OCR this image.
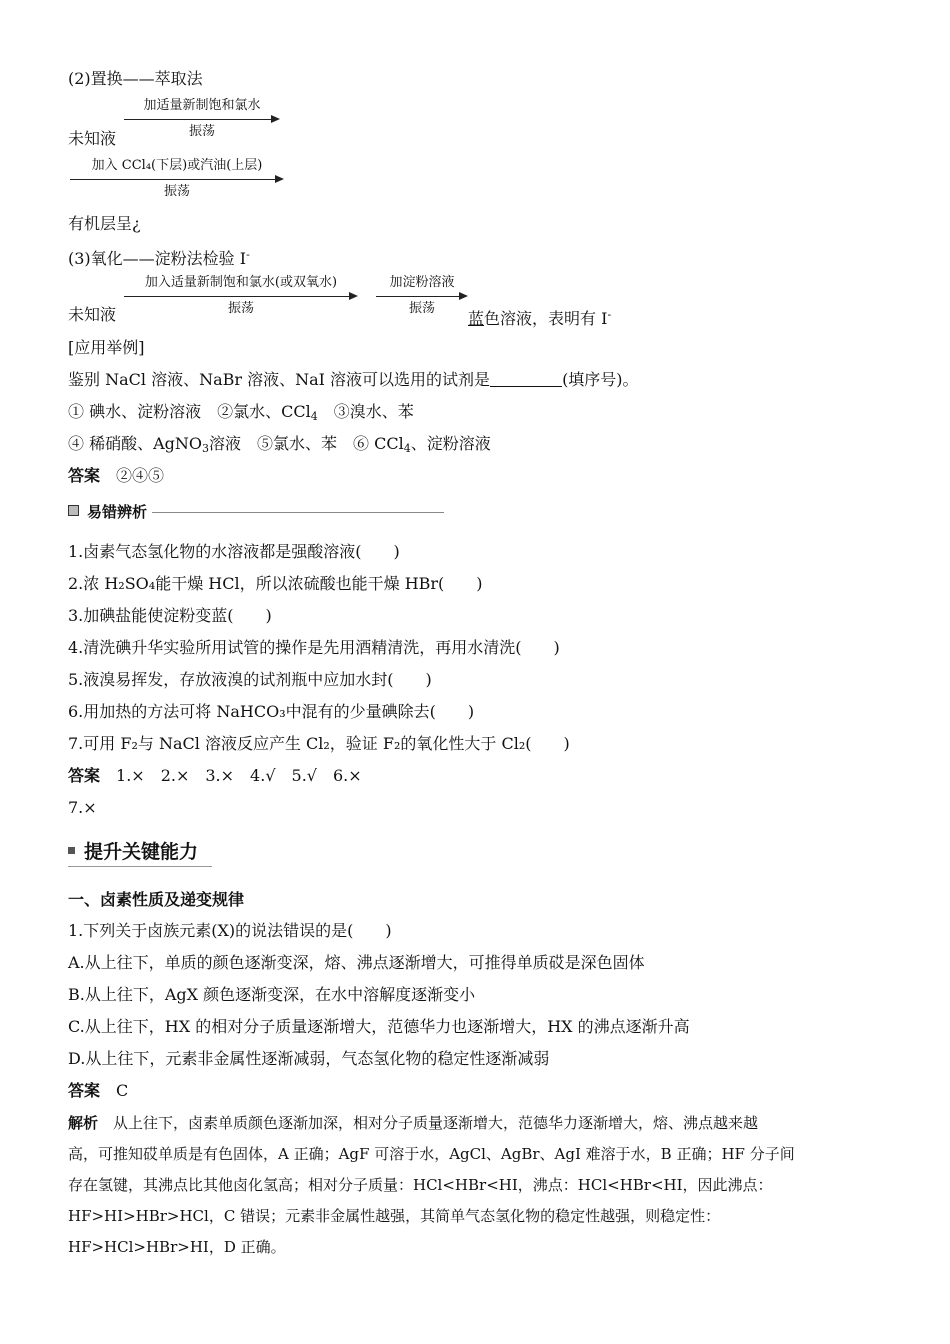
(2)置换——萃取法
加适量新制饱和氯水
振荡
未知液
加入 CCl₄(下层)或汽油(上层)
振荡
有机层呈¿
(3)氧化——淀粉法检验 I-
加入适量新制饱和氯水(或双氧水)
振荡
加淀粉溶液
振荡
未知液	蓝色溶液，表明有 I-
[应用举例]
鉴别 NaCl 溶液、NaBr 溶液、NaI 溶液可以选用的试剂是	(填序号)。
① 碘水、淀粉溶液　②氯水、CCl$_4$　③溴水、苯
④ 稀硝酸、AgNO$_3$溶液　⑤氯水、苯　⑥ CCl$_4$、淀粉溶液
答案　 ②④⑤
易错辨析
1.卤素气态氢化物的水溶液都是强酸溶液(　　)
2.浓 H₂SO₄能干燥 HCl，所以浓硫酸也能干燥 HBr(　　)
3.加碘盐能使淀粉变蓝(　　)
4.清洗碘升华实验所用试管的操作是先用酒精清洗，再用水清洗(　　)
5.液溴易挥发，存放液溴的试剂瓶中应加水封(　　)
6.用加热的方法可将 NaHCO₃中混有的少量碘除去(　　)
7.可用 F₂与 NaCl 溶液反应产生 Cl₂，验证 F₂的氧化性大于 Cl₂(　　)
答案　 1.×　2.×　3.×　4.√　5.√　6.×
7.×
提升关键能力
一、卤素性质及递变规律
1.下列关于卤族元素(X)的说法错误的是(　　)
A.从上往下，单质的颜色逐渐变深，熔、沸点逐渐增大，可推得单质砹是深色固体
B.从上往下，AgX 颜色逐渐变深，在水中溶解度逐渐变小
C.从上往下，HX 的相对分子质量逐渐增大，范德华力也逐渐增大，HX 的沸点逐渐升高
D.从上往下，元素非金属性逐渐减弱，气态氢化物的稳定性逐渐减弱
答案　 C
解析　 从上往下，卤素单质颜色逐渐加深，相对分子质量逐渐增大，范德华力逐渐增大，熔、沸点越来越
高，可推知砹单质是有色固体，A 正确；AgF 可溶于水，AgCl、AgBr、AgI 难溶于水，B 正确；HF 分子间
存在氢键，其沸点比其他卤化氢高；相对分子质量：HCl<HBr<HI，沸点：HCl<HBr<HI，因此沸点：
HF>HI>HBr>HCl，C 错误；元素非金属性越强，其简单气态氢化物的稳定性越强，则稳定性：
HF>HCl>HBr>HI，D 正确。
